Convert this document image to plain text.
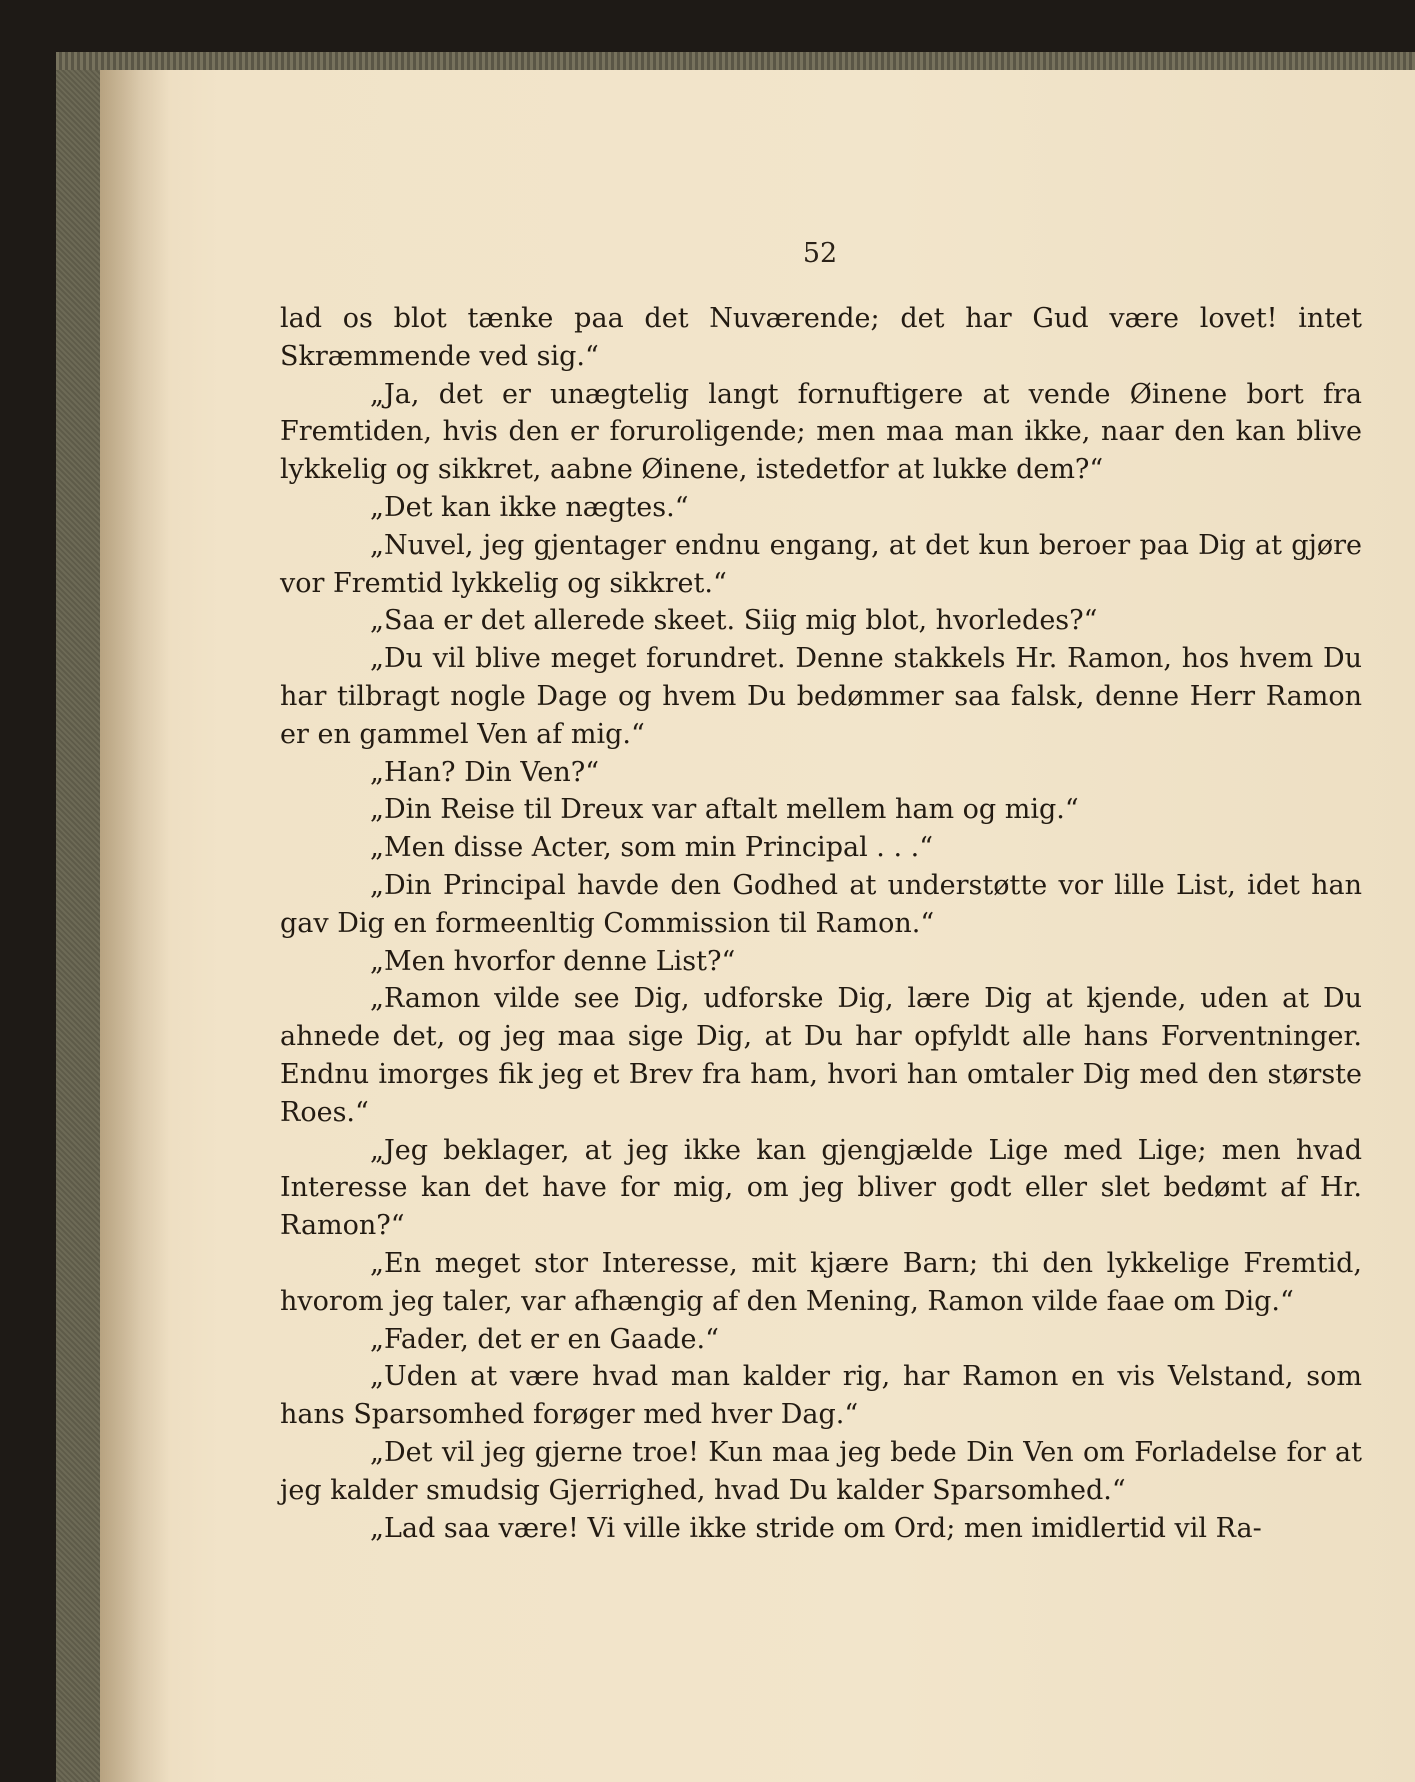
52

lad os blot tænke paa det Nuværende; det har Gud være lovet! intet Skræmmende ved sig.“

„Ja, det er unægtelig langt fornuftigere at vende Øinene bort fra Fremtiden, hvis den er foruroligende; men maa man ikke, naar den kan blive lykkelig og sikkret, aabne Øinene, istedetfor at lukke dem?“

„Det kan ikke nægtes.“

„Nuvel, jeg gjentager endnu engang, at det kun beroer paa Dig at gjøre vor Fremtid lykkelig og sikkret.“

„Saa er det allerede skeet. Siig mig blot, hvorledes?“

„Du vil blive meget forundret. Denne stakkels Hr. Ramon, hos hvem Du har tilbragt nogle Dage og hvem Du bedømmer saa falsk, denne Herr Ramon er en gammel Ven af mig.“

„Han? Din Ven?“

„Din Reise til Dreux var aftalt mellem ham og mig.“

„Men disse Acter, som min Principal . . .“

„Din Principal havde den Godhed at understøtte vor lille List, idet han gav Dig en formeenltig Commission til Ramon.“

„Men hvorfor denne List?“

„Ramon vilde see Dig, udforske Dig, lære Dig at kjende, uden at Du ahnede det, og jeg maa sige Dig, at Du har opfyldt alle hans Forventninger. Endnu imorges fik jeg et Brev fra ham, hvori han omtaler Dig med den største Roes.“

„Jeg beklager, at jeg ikke kan gjengjælde Lige med Lige; men hvad Interesse kan det have for mig, om jeg bliver godt eller slet bedømt af Hr. Ramon?“

„En meget stor Interesse, mit kjære Barn; thi den lykkelige Fremtid, hvorom jeg taler, var afhængig af den Mening, Ramon vilde faae om Dig.“

„Fader, det er en Gaade.“

„Uden at være hvad man kalder rig, har Ramon en vis Velstand, som hans Sparsomhed forøger med hver Dag.“

„Det vil jeg gjerne troe! Kun maa jeg bede Din Ven om Forladelse for at jeg kalder smudsig Gjerrighed, hvad Du kalder Sparsomhed.“

„Lad saa være! Vi ville ikke stride om Ord; men imidlertid vil Ra-
